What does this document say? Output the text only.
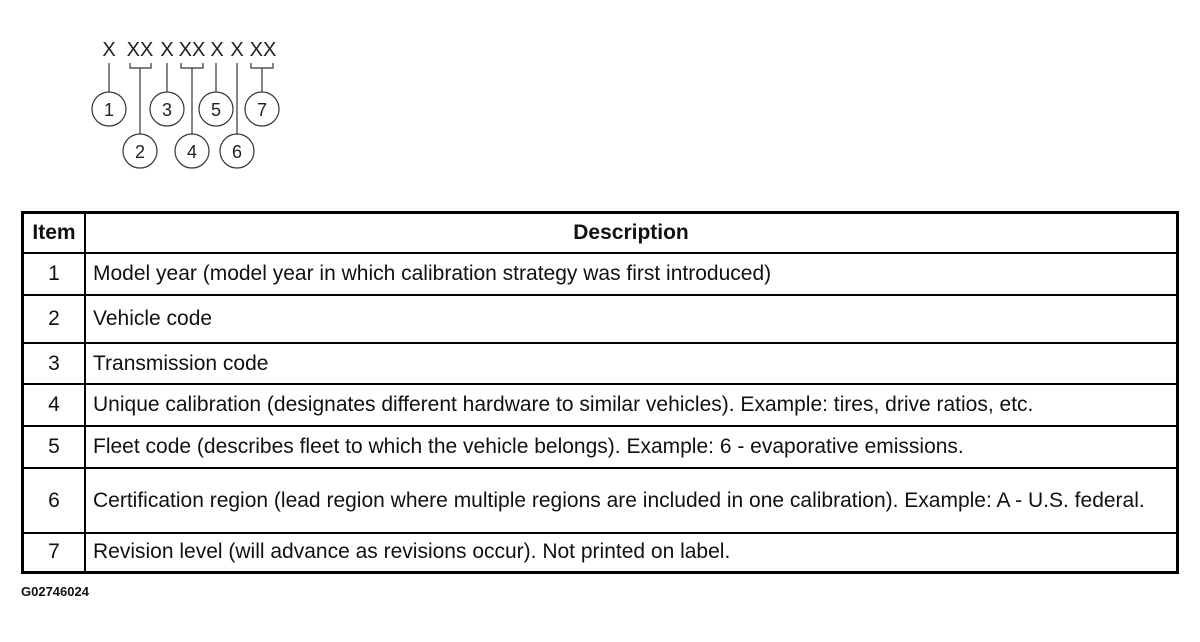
X XX X XX X X XX
1	3 5 7
2 4 6
Item	Description
1	Model year (model year in which calibration strategy was first introduced)
2	Vehicle code
3	Transmission code
4	Unique calibration (designates different hardware to similar vehicles). Example: tires, drive ratios, etc.
5	Fleet code (describes fleet to which the vehicle belongs). Example: 6 - evaporative emissions.
6	Certification region (lead region where multiple regions are included in one calibration). Example: A - U.S. federal.
7	Revision level (will advance as revisions occur). Not printed on label.
G02746024
